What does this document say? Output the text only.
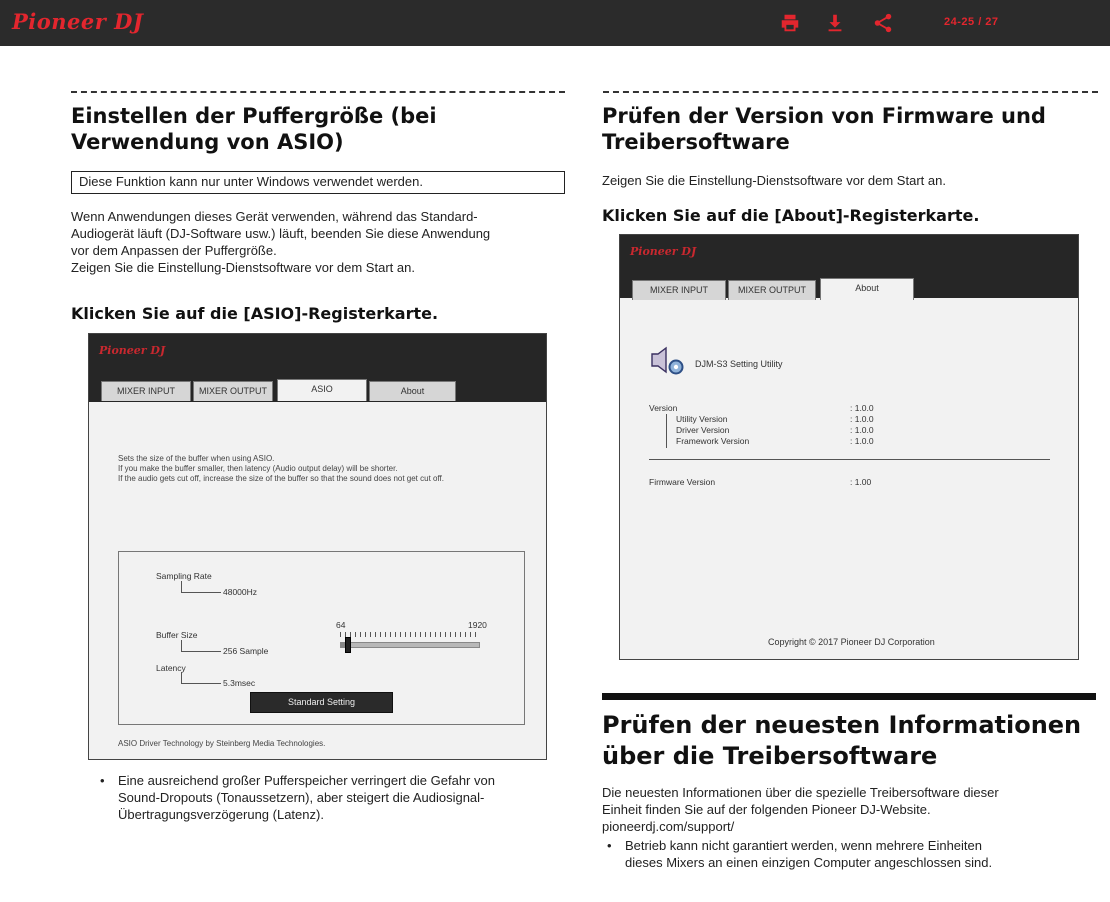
Pioneer DJ	24-25 / 27
Einstellen der Puffergröße (bei
Verwendung von ASIO)
Diese Funktion kann nur unter Windows verwendet werden.
Wenn Anwendungen dieses Gerät verwenden, während das Standard-
Audiogerät läuft (DJ-Software usw.) läuft, beenden Sie diese Anwendung
vor dem Anpassen der Puffergröße.
Zeigen Sie die Einstellung-Dienstsoftware vor dem Start an.
Klicken Sie auf die [ASIO]-Registerkarte.
Pioneer DJ
MIXER INPUT	MIXER OUTPUT	ASIO	About
Sets the size of the buffer when using ASIO.
If you make the buffer smaller, then latency (Audio output delay) will be shorter.
If the audio gets cut off, increase the size of the buffer so that the sound does not get cut off.
Sampling Rate
48000Hz
Buffer Size
256 Sample
Latency
5.3msec
64	1920
Standard Setting
ASIO Driver Technology by Steinberg Media Technologies.
• Eine ausreichend großer Pufferspeicher verringert die Gefahr von
Sound-Dropouts (Tonaussetzern), aber steigert die Audiosignal-
Übertragungsverzögerung (Latenz).
Prüfen der Version von Firmware und
Treibersoftware
Zeigen Sie die Einstellung-Dienstsoftware vor dem Start an.
Klicken Sie auf die [About]-Registerkarte.
Pioneer DJ
MIXER INPUT	MIXER OUTPUT	About
DJM-S3 Setting Utility
Version	: 1.0.0
Utility Version	: 1.0.0
Driver Version	: 1.0.0
Framework Version	: 1.0.0
Firmware Version	: 1.00
Copyright © 2017 Pioneer DJ Corporation
Prüfen der neuesten Informationen
über die Treibersoftware
Die neuesten Informationen über die spezielle Treibersoftware dieser
Einheit finden Sie auf der folgenden Pioneer DJ-Website.
pioneerdj.com/support/
• Betrieb kann nicht garantiert werden, wenn mehrere Einheiten
dieses Mixers an einen einzigen Computer angeschlossen sind.
